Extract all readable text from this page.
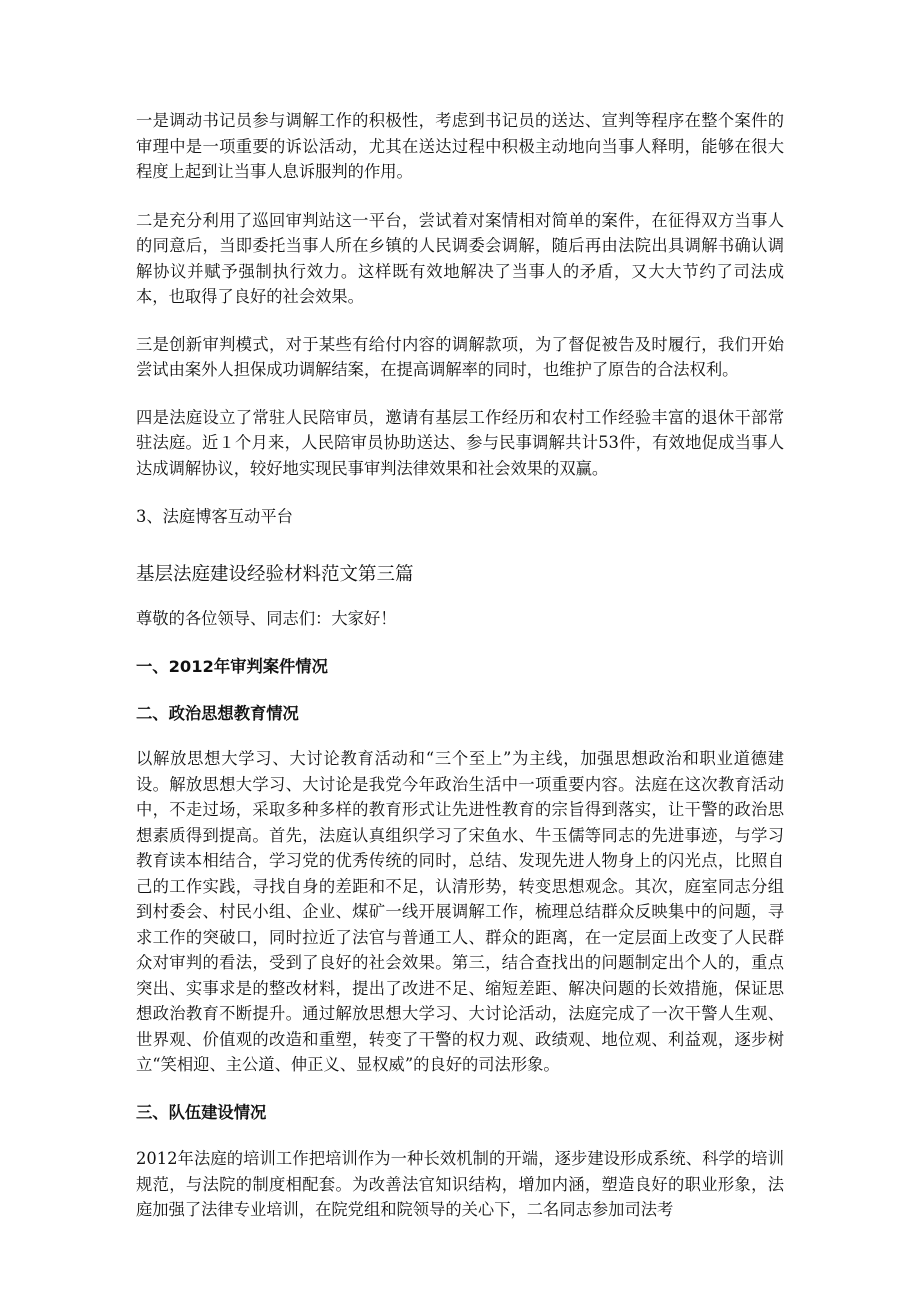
一是调动书记员参与调解工作的积极性，考虑到书记员的送达、宣判等程序在整个案件的审理中是一项重要的诉讼活动，尤其在送达过程中积极主动地向当事人释明，能够在很大程度上起到让当事人息诉服判的作用。

二是充分利用了巡回审判站这一平台，尝试着对案情相对简单的案件，在征得双方当事人的同意后，当即委托当事人所在乡镇的人民调委会调解，随后再由法院出具调解书确认调解协议并赋予强制执行效力。这样既有效地解决了当事人的矛盾，又大大节约了司法成本，也取得了良好的社会效果。

三是创新审判模式，对于某些有给付内容的调解款项，为了督促被告及时履行，我们开始尝试由案外人担保成功调解结案，在提高调解率的同时，也维护了原告的合法权利。

四是法庭设立了常驻人民陪审员，邀请有基层工作经历和农村工作经验丰富的退休干部常驻法庭。近１个月来，人民陪审员协助送达、参与民事调解共计53件，有效地促成当事人达成调解协议，较好地实现民事审判法律效果和社会效果的双赢。

3、法庭博客互动平台

基层法庭建设经验材料范文第三篇

尊敬的各位领导、同志们：大家好！

一、2012年审判案件情况
二、政治思想教育情况

以解放思想大学习、大讨论教育活动和“三个至上”为主线，加强思想政治和职业道德建设。解放思想大学习、大讨论是我党今年政治生活中一项重要内容。法庭在这次教育活动中，不走过场，采取多种多样的教育形式让先进性教育的宗旨得到落实，让干警的政治思想素质得到提高。首先，法庭认真组织学习了宋鱼水、牛玉儒等同志的先进事迹，与学习教育读本相结合，学习党的优秀传统的同时，总结、发现先进人物身上的闪光点，比照自己的工作实践，寻找自身的差距和不足，认清形势，转变思想观念。其次，庭室同志分组到村委会、村民小组、企业、煤矿一线开展调解工作，梳理总结群众反映集中的问题，寻求工作的突破口，同时拉近了法官与普通工人、群众的距离，在一定层面上改变了人民群众对审判的看法，受到了良好的社会效果。第三，结合查找出的问题制定出个人的，重点突出、实事求是的整改材料，提出了改进不足、缩短差距、解决问题的长效措施，保证思想政治教育不断提升。通过解放思想大学习、大讨论活动，法庭完成了一次干警人生观、世界观、价值观的改造和重塑，转变了干警的权力观、政绩观、地位观、利益观，逐步树立“笑相迎、主公道、伸正义、显权威”的良好的司法形象。

三、队伍建设情况

2012年法庭的培训工作把培训作为一种长效机制的开端，逐步建设形成系统、科学的培训规范，与法院的制度相配套。为改善法官知识结构，增加内涵，塑造良好的职业形象，法庭加强了法律专业培训，在院党组和院领导的关心下，二名同志参加司法考
